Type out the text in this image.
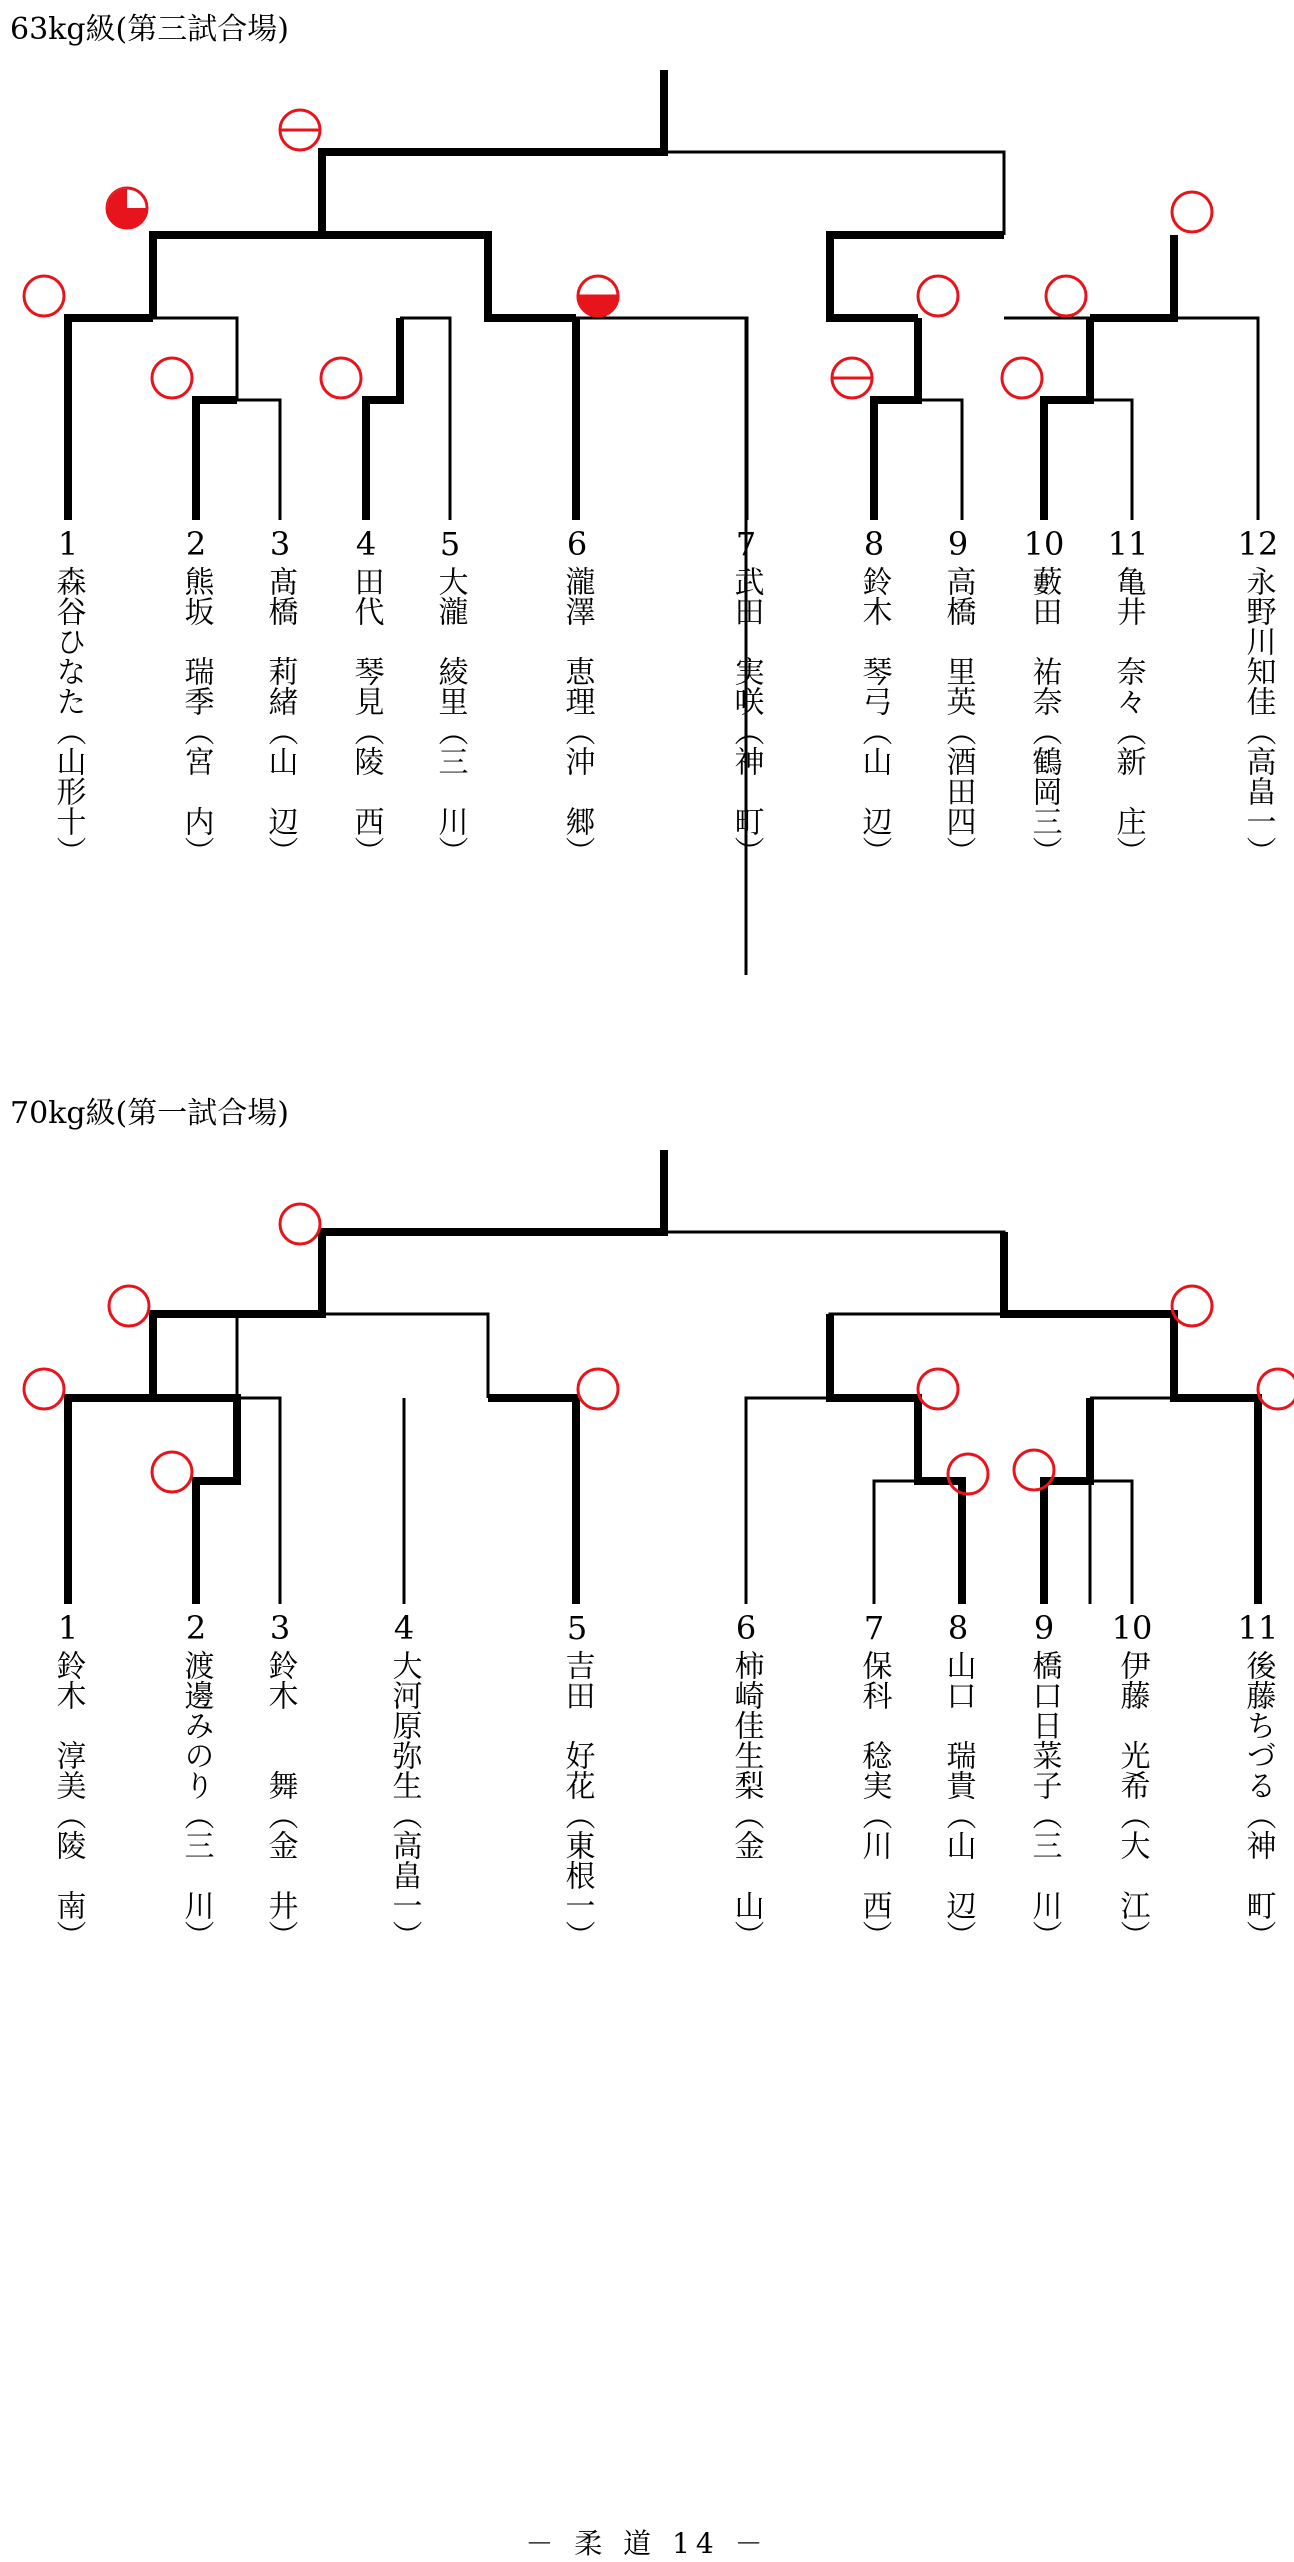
63kg級(第三試合場)
1
森谷ひなた
（山形十）
2
熊坂　瑞季
（宮　内）
3
髙橋　莉緒
（山　辺）
4
田代　琴見
（陵　西）
5
大瀧　綾里
（三　川）
6
瀧澤　恵理
（沖　郷）
7
武田　実咲
（神　町）
8
鈴木　琴弓
（山　辺）
9
高橋　里英
（酒田四）
10
藪田　祐奈
（鶴岡三）
11
亀井　奈々
（新　庄）
12
永野川知佳
（高畠一）
70kg級(第一試合場)
1
鈴木　淳美
（陵　南）
2
渡邊みのり
（三　川）
3
鈴木　　舞
（金　井）
4
大河原弥生
（高畠一）
5
吉田　好花
（東根一）
6
柿崎佳生梨
（金　山）
7
保科　稔実
（川　西）
8
山口　瑞貴
（山　辺）
9
橋口日菜子
（三　川）
10
伊藤　光希
（大　江）
11
後藤ちづる
（神　町）
－ 柔 道 14 －
